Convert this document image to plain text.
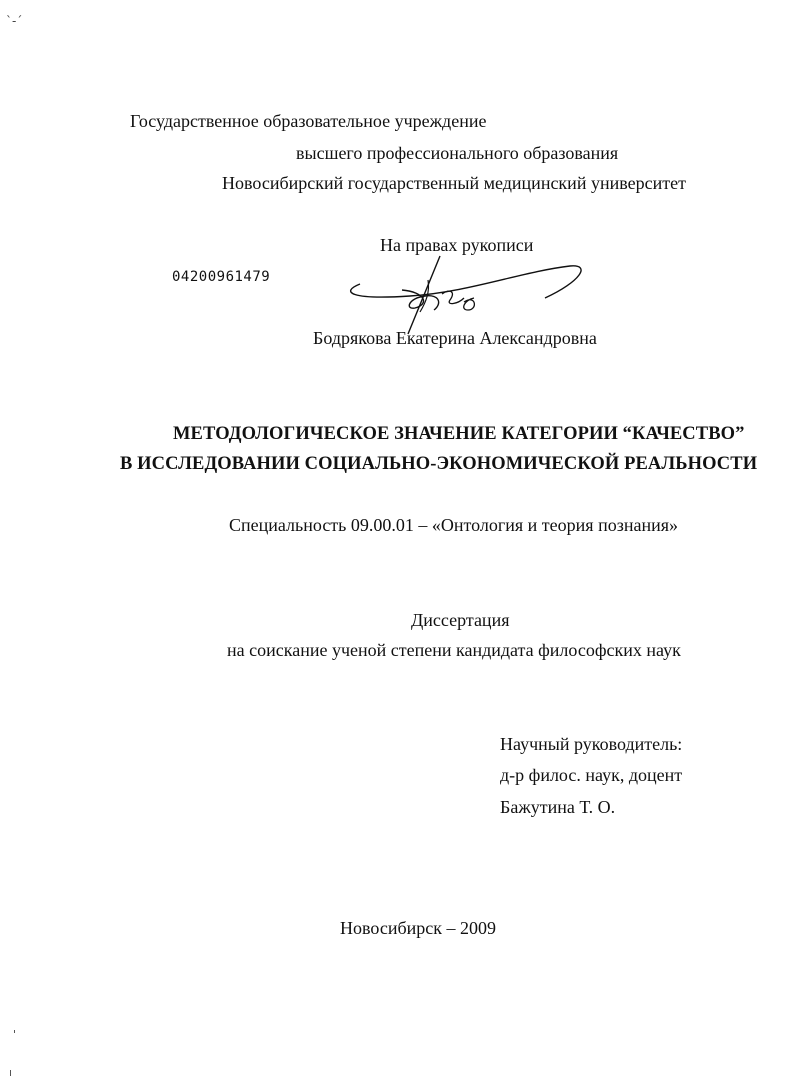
`-´
Государственное образовательное учреждение
высшего профессионального образования
Новосибирский государственный медицинский университет
На правах рукописи
04200961479
Бодрякова Екатерина Александровна
МЕТОДОЛОГИЧЕСКОЕ ЗНАЧЕНИЕ КАТЕГОРИИ “КАЧЕСТВО”
В ИССЛЕДОВАНИИ СОЦИАЛЬНО-ЭКОНОМИЧЕСКОЙ РЕАЛЬНОСТИ
Специальность 09.00.01 – «Онтология и теория познания»
Диссертация
на соискание ученой степени кандидата философских наук
Научный руководитель:
д-р филос. наук, доцент
Бажутина Т. О.
Новосибирск – 2009
